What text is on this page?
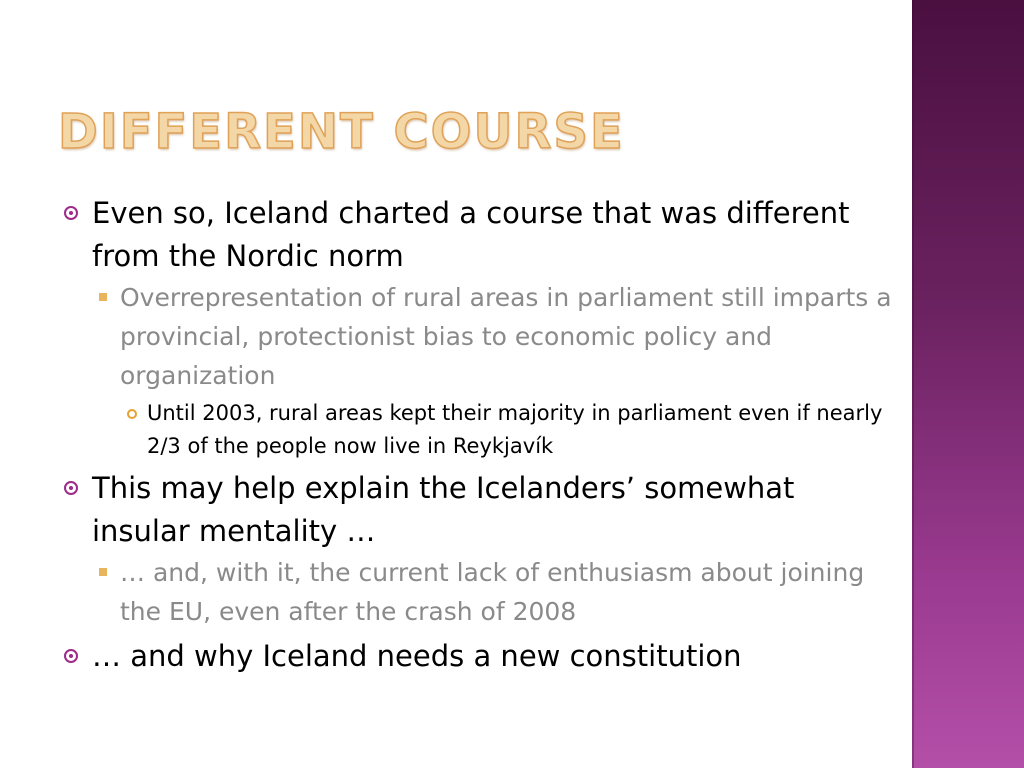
DIFFERENT COURSE
Even so, Iceland charted a course that was different from the Nordic norm
Overrepresentation of rural areas in parliament still imparts a provincial, protectionist bias to economic policy and organization
Until 2003, rural areas kept their majority in parliament even if nearly 2/3 of the people now live in Reykjavík
This may help explain the Icelanders’ somewhat insular mentality …
… and, with it, the current lack of enthusiasm about joining the EU, even after the crash of 2008
… and why Iceland needs a new constitution
